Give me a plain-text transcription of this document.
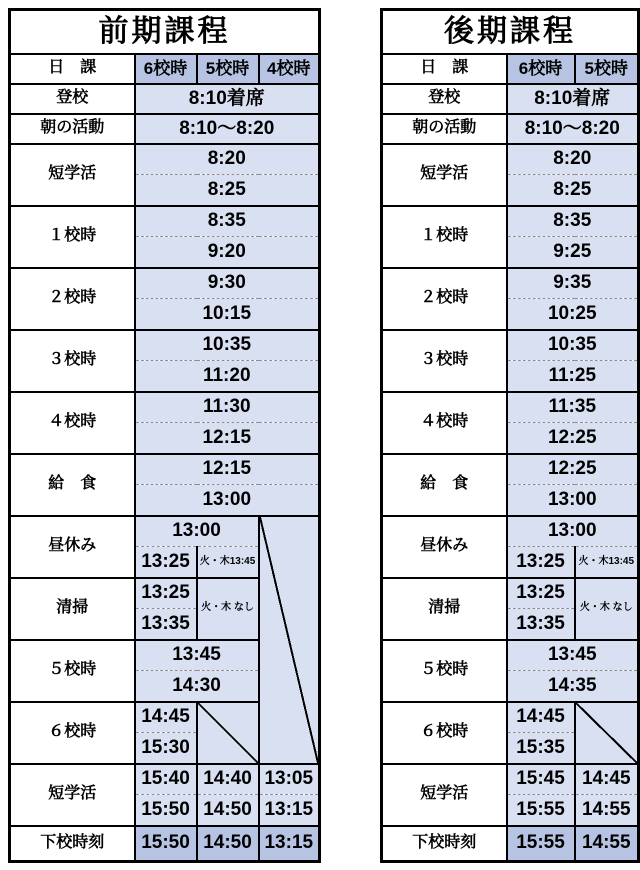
前期課程			
日　課	6校時	5校時	4校時
登校	8:10着席		
朝の活動	8:10～8:20		
短学活	8:20		
	8:25		
１校時	8:35		
	9:20		
２校時	9:30		
	10:15		
３校時	10:35		
	11:20		
４校時	11:30		
	12:15		
給　食	12:15		
	13:00		
昼休み	13:00		
	13:25	火・木13:45	
清掃	13:25	火・木 なし	
	13:35		
５校時	13:45		
	14:30		
６校時	14:45		
	15:30		
短学活	15:40	14:40	13:05
	15:50	14:50	13:15
下校時刻	15:50	14:50	13:15
後期課程		
日　課	6校時	5校時
登校	8:10着席	
朝の活動	8:10～8:20	
短学活	8:20	
	8:25	
１校時	8:35	
	9:25	
２校時	9:35	
	10:25	
３校時	10:35	
	11:25	
４校時	11:35	
	12:25	
給　食	12:25	
	13:00	
昼休み	13:00	
	13:25	火・木13:45
清掃	13:25	火・木 なし
	13:35	
５校時	13:45	
	14:35	
６校時	14:45	
	15:35	
短学活	15:45	14:45
	15:55	14:55
下校時刻	15:55	14:55
